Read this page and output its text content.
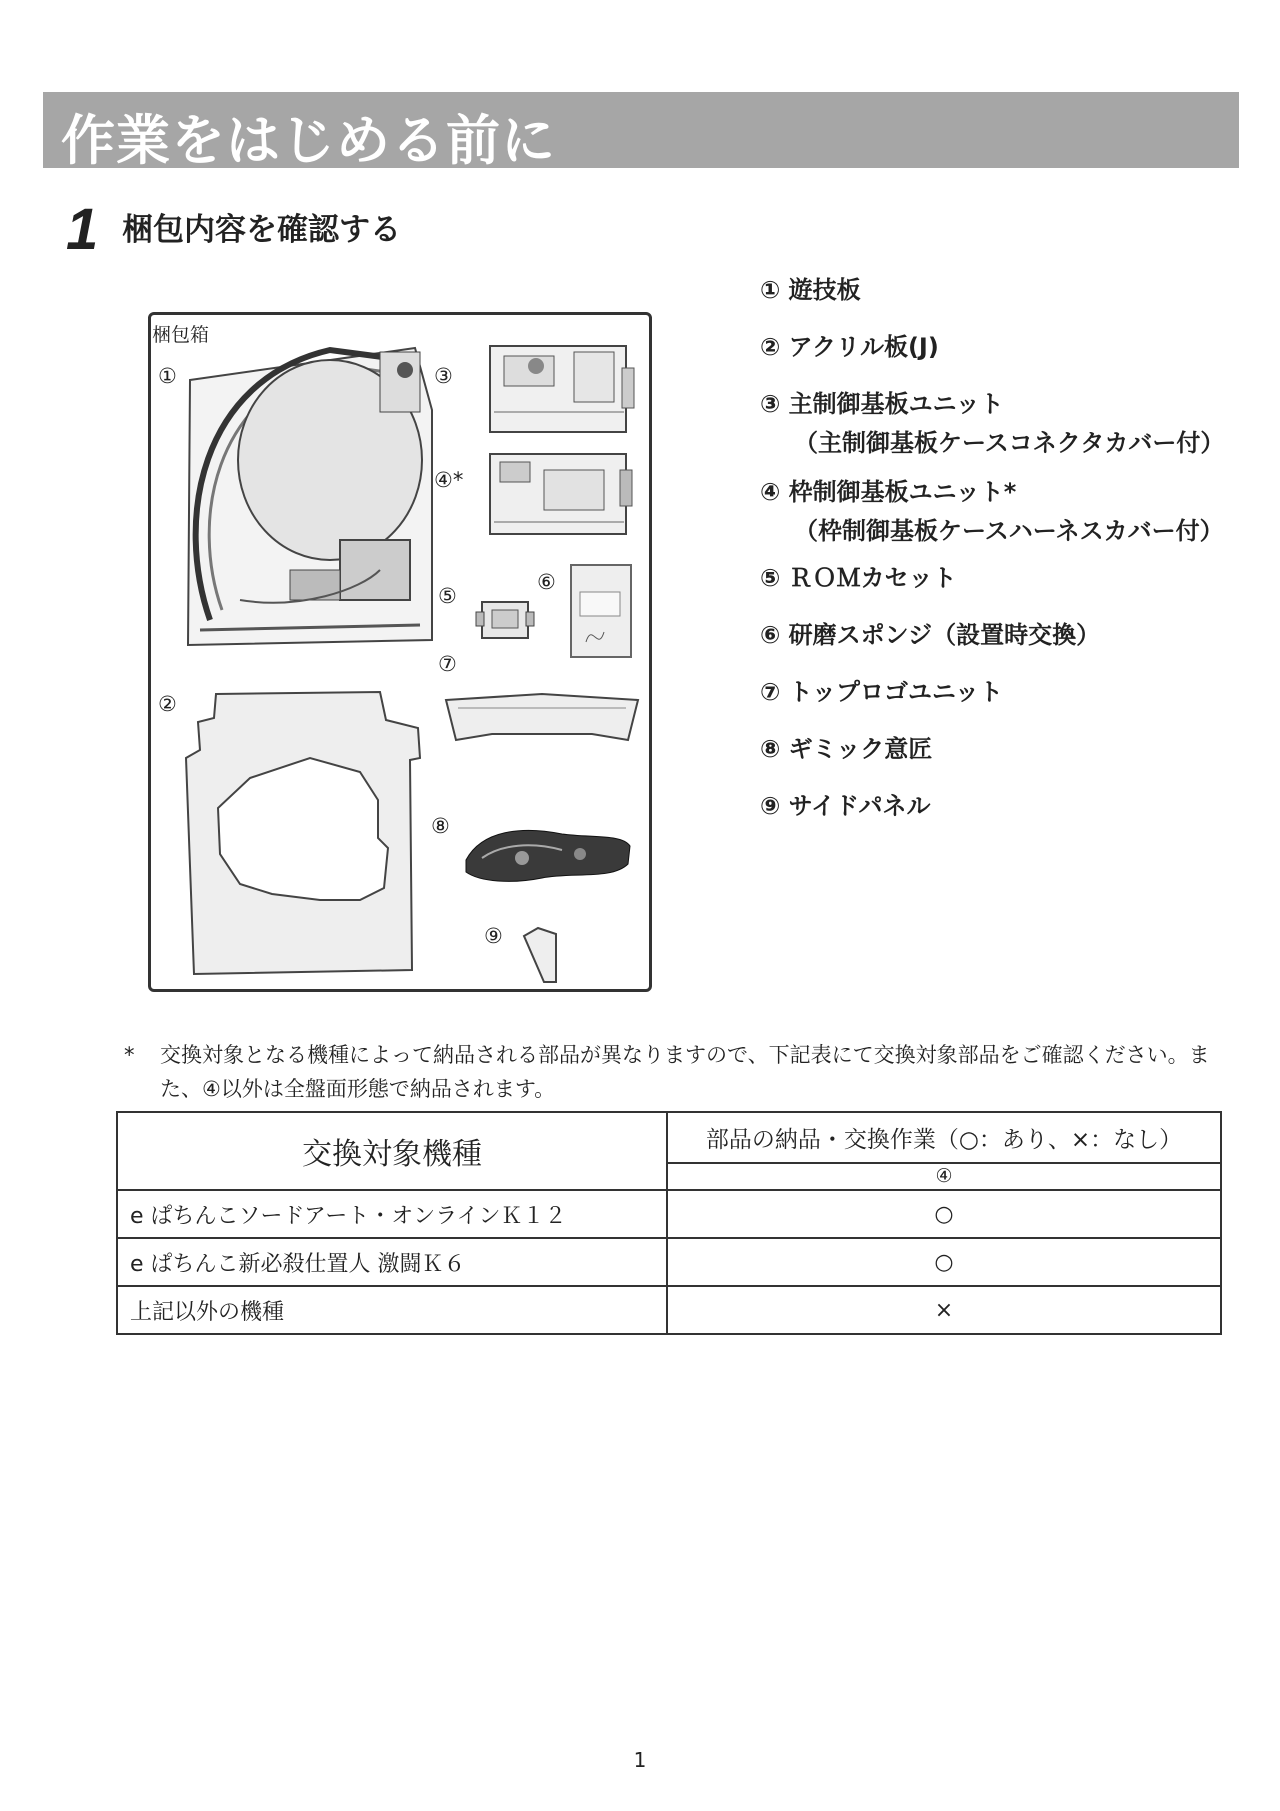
作業をはじめる前に
1 梱包内容を確認する
梱包箱
①	③
④*
⑤
⑥
⑦
②
⑧
⑨
① 遊技板
② アクリル板(J)
③ 主制御基板ユニット
（主制御基板ケースコネクタカバー付）
④ 枠制御基板ユニット*
（枠制御基板ケースハーネスカバー付）
⑤ ＲＯＭカセット
⑥ 研磨スポンジ（設置時交換）
⑦ トップロゴユニット
⑧ ギミック意匠
⑨ サイドパネル
*	交換対象となる機種によって納品される部品が異なりますので、下記表にて交換対象部品をご確認ください。また、④以外は全盤面形態で納品されます。
交換対象機種	部品の納品・交換作業（○：あり、×：なし）
	④
e ぱちんこソードアート・オンラインＫ１２	○
e ぱちんこ新必殺仕置人 激闘Ｋ６	○
上記以外の機種	×
1
